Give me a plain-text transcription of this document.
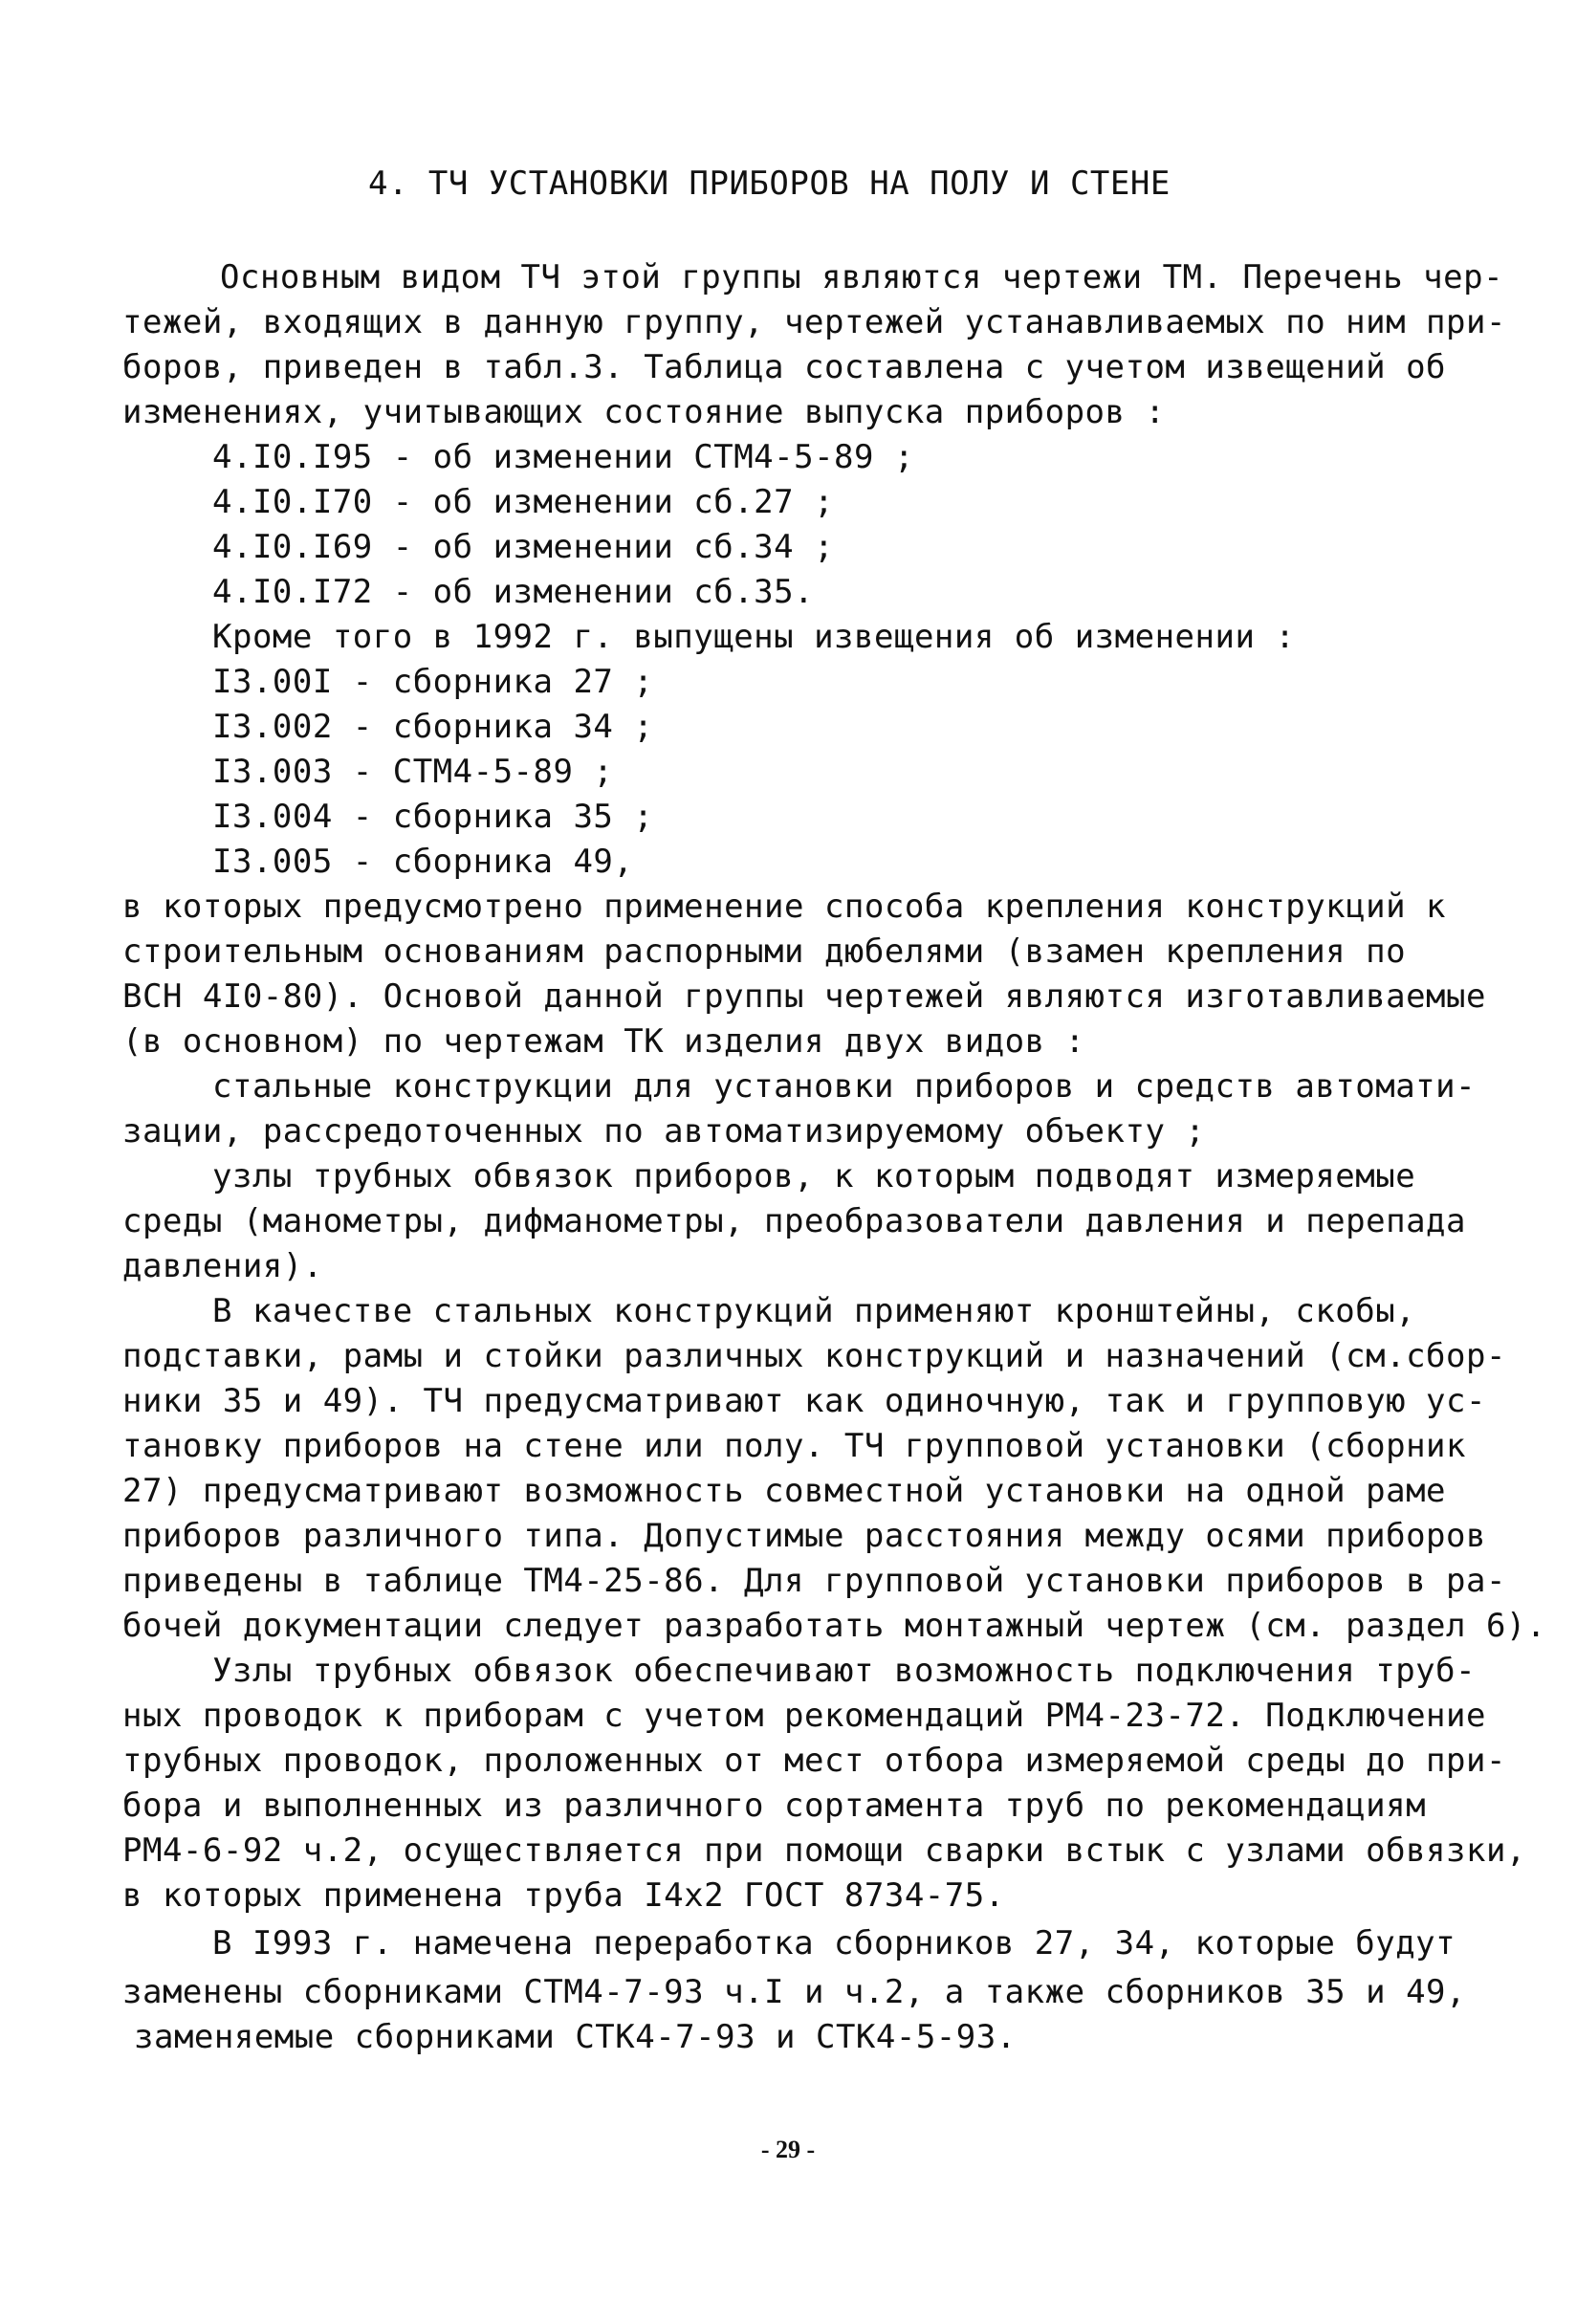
4. ТЧ УСТАНОВКИ ПРИБОРОВ НА ПОЛУ И СТЕНЕ
Основным видом ТЧ этой группы являются чертежи ТМ. Перечень чер-
тежей, входящих в данную группу, чертежей устанавливаемых по ним при-
боров, приведен в табл.3. Таблица составлена с учетом извещений об
изменениях, учитывающих состояние выпуска приборов :
4.I0.I95 - об изменении СТМ4-5-89 ;
4.I0.I70 - об изменении сб.27 ;
4.I0.I69 - об изменении сб.34 ;
4.I0.I72 - об изменении сб.35.
Кроме того в 1992 г. выпущены извещения об изменении :
I3.00I - сборника 27 ;
I3.002 - сборника 34 ;
I3.003 - СТМ4-5-89 ;
I3.004 - сборника 35 ;
I3.005 - сборника 49,
в которых предусмотрено применение способа крепления конструкций к
строительным основаниям распорными дюбелями (взамен крепления по
ВСН 4I0-80). Основой данной группы чертежей являются изготавливаемые
(в основном) по чертежам ТК изделия двух видов :
стальные конструкции для установки приборов и средств автомати-
зации, рассредоточенных по автоматизируемому объекту ;
узлы трубных обвязок приборов, к которым подводят измеряемые
среды (манометры, дифманометры, преобразователи давления и перепада
давления).
В качестве стальных конструкций применяют кронштейны, скобы,
подставки, рамы и стойки различных конструкций и назначений (см.сбор-
ники 35 и 49). ТЧ предусматривают как одиночную, так и групповую ус-
тановку приборов на стене или полу. ТЧ групповой установки (сборник
27) предусматривают возможность совместной установки на одной раме
приборов различного типа. Допустимые расстояния между осями приборов
приведены в таблице ТМ4-25-86. Для групповой установки приборов в ра-
бочей документации следует разработать монтажный чертеж (см. раздел 6).
Узлы трубных обвязок обеспечивают возможность подключения труб-
ных проводок к приборам с учетом рекомендаций РМ4-23-72. Подключение
трубных проводок, проложенных от мест отбора измеряемой среды до при-
бора и выполненных из различного сортамента труб по рекомендациям
РМ4-6-92 ч.2, осуществляется при помощи сварки встык с узлами обвязки,
в которых применена труба I4х2 ГОСТ 8734-75.
В I993 г. намечена переработка сборников 27, 34, которые будут
заменены сборниками СТМ4-7-93 ч.I и ч.2, а также сборников 35 и 49,
заменяемые сборниками СТК4-7-93 и СТК4-5-93.
- 29 -
